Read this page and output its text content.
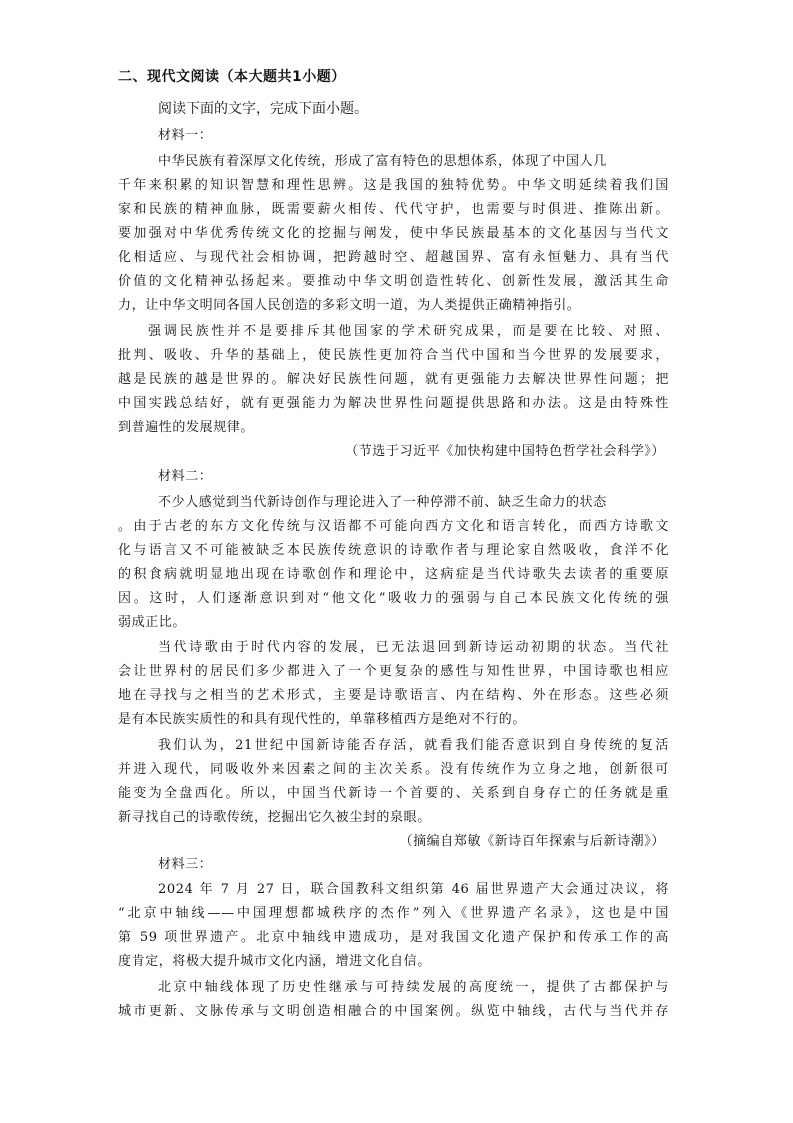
二、现代文阅读（本大题共1小题）
阅读下面的文字，完成下面小题。
材料一：
中华民族有着深厚文化传统，形成了富有特色的思想体系，体现了中国人几
千年来积累的知识智慧和理性思辨。这是我国的独特优势。中华文明延续着我们国
家和民族的精神血脉，既需要薪火相传、代代守护，也需要与时俱进、推陈出新。
要加强对中华优秀传统文化的挖掘与阐发，使中华民族最基本的文化基因与当代文
化相适应、与现代社会相协调，把跨越时空、超越国界、富有永恒魅力、具有当代
价值的文化精神弘扬起来。要推动中华文明创造性转化、创新性发展，激活其生命
力，让中华文明同各国人民创造的多彩文明一道，为人类提供正确精神指引。
强调民族性并不是要排斥其他国家的学术研究成果，而是要在比较、对照、
批判、吸收、升华的基础上，使民族性更加符合当代中国和当今世界的发展要求，
越是民族的越是世界的。解决好民族性问题，就有更强能力去解决世界性问题；把
中国实践总结好，就有更强能力为解决世界性问题提供思路和办法。这是由特殊性
到普遍性的发展规律。
（节选于习近平《加快构建中国特色哲学社会科学》）
材料二：
不少人感觉到当代新诗创作与理论进入了一种停滞不前、缺乏生命力的状态
。由于古老的东方文化传统与汉语都不可能向西方文化和语言转化，而西方诗歌文
化与语言又不可能被缺乏本民族传统意识的诗歌作者与理论家自然吸收，食洋不化
的积食病就明显地出现在诗歌创作和理论中，这病症是当代诗歌失去读者的重要原
因。这时，人们逐渐意识到对“他文化”吸收力的强弱与自己本民族文化传统的强
弱成正比。
当代诗歌由于时代内容的发展，已无法退回到新诗运动初期的状态。当代社
会让世界村的居民们多少都进入了一个更复杂的感性与知性世界，中国诗歌也相应
地在寻找与之相当的艺术形式，主要是诗歌语言、内在结构、外在形态。这些必须
是有本民族实质性的和具有现代性的，单靠移植西方是绝对不行的。
我们认为，21世纪中国新诗能否存活，就看我们能否意识到自身传统的复活
并进入现代，同吸收外来因素之间的主次关系。没有传统作为立身之地，创新很可
能变为全盘西化。所以，中国当代新诗一个首要的、关系到自身存亡的任务就是重
新寻找自己的诗歌传统，挖掘出它久被尘封的泉眼。
（摘编自郑敏《新诗百年探索与后新诗潮》）
材料三：
2024 年 7 月 27 日，联合国教科文组织第 46 届世界遗产大会通过决议，将
“北京中轴线——中国理想都城秩序的杰作”列入《世界遗产名录》，这也是中国
第 59 项世界遗产。北京中轴线申遗成功，是对我国文化遗产保护和传承工作的高
度肯定，将极大提升城市文化内涵，增进文化自信。
北京中轴线体现了历史性继承与可持续发展的高度统一，提供了古都保护与
城市更新、文脉传承与文明创造相融合的中国案例。纵览中轴线，古代与当代并存
